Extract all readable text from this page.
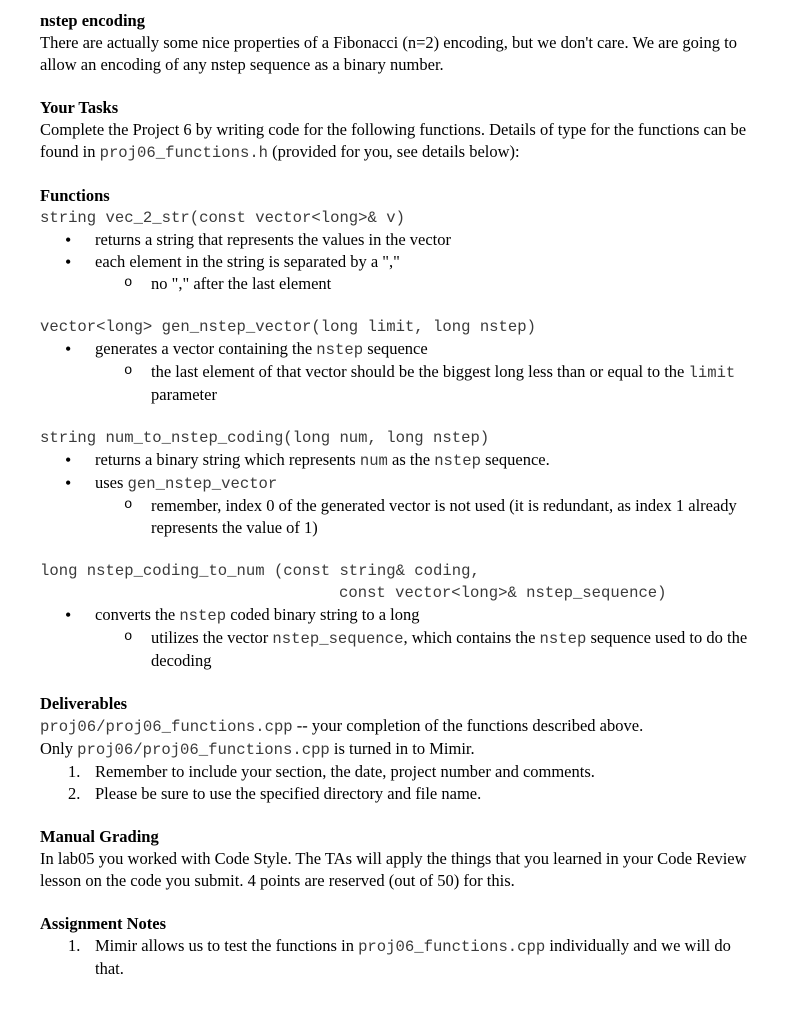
nstep encoding

There are actually some nice properties of a Fibonacci (n=2) encoding, but we don't care. We are going to allow an encoding of any nstep sequence as a binary number.

Your Tasks

Complete the Project 6 by writing code for the following functions. Details of type for the functions can be found in proj06_functions.h (provided for you, see details below):

Functions

string vec_2_str(const vector<long>& v)

• returns a string that represents the values in the vector
• each element in the string is separated by a ","
o no "," after the last element

vector<long> gen_nstep_vector(long limit, long nstep)

• generates a vector containing the nstep sequence
o the last element of that vector should be the biggest long less than or equal to the limit parameter

string num_to_nstep_coding(long num, long nstep)

• returns a binary string which represents num as the nstep sequence.
• uses gen_nstep_vector
o remember, index 0 of the generated vector is not used (it is redundant, as index 1 already represents the value of 1)

long nstep_coding_to_num (const string& coding,

const vector<long>& nstep_sequence)

• converts the nstep coded binary string to a long
o utilizes the vector nstep_sequence, which contains the nstep sequence used to do the decoding

Deliverables

proj06/proj06_functions.cpp -- your completion of the functions described above.

Only proj06/proj06_functions.cpp is turned in to Mimir.

1. Remember to include your section, the date, project number and comments.
2. Please be sure to use the specified directory and file name.

Manual Grading

In lab05 you worked with Code Style. The TAs will apply the things that you learned in your Code Review lesson on the code you submit. 4 points are reserved (out of 50) for this.

Assignment Notes

1. Mimir allows us to test the functions in proj06_functions.cpp individually and we will do that.
